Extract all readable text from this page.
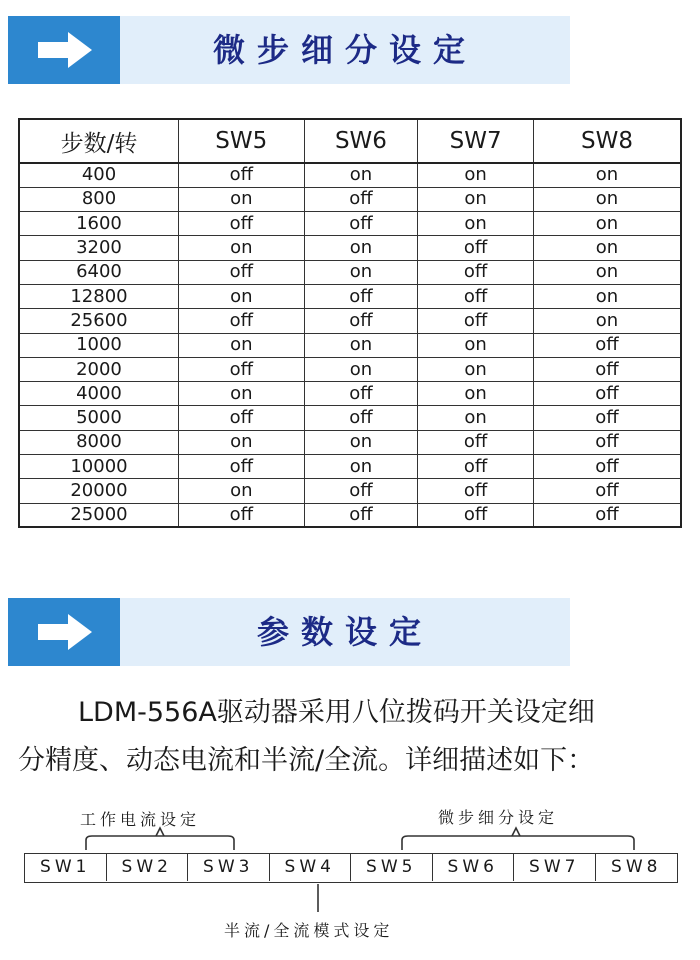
微步细分设定
步数/转	SW5	SW6	SW7	SW8
400	off	on	on	on
800	on	off	on	on
1600	off	off	on	on
3200	on	on	off	on
6400	off	on	off	on
12800	on	off	off	on
25600	off	off	off	on
1000	on	on	on	off
2000	off	on	on	off
4000	on	off	on	off
5000	off	off	on	off
8000	on	on	off	off
10000	off	on	off	off
20000	on	off	off	off
25000	off	off	off	off
参数设定
LDM-556A驱动器采用八位拨码开关设定细
分精度、动态电流和半流/全流。详细描述如下：
工作电流设定	微步细分设定
SW1	SW2	SW3	SW4	SW5	SW6	SW7	SW8
半流/全流模式设定
